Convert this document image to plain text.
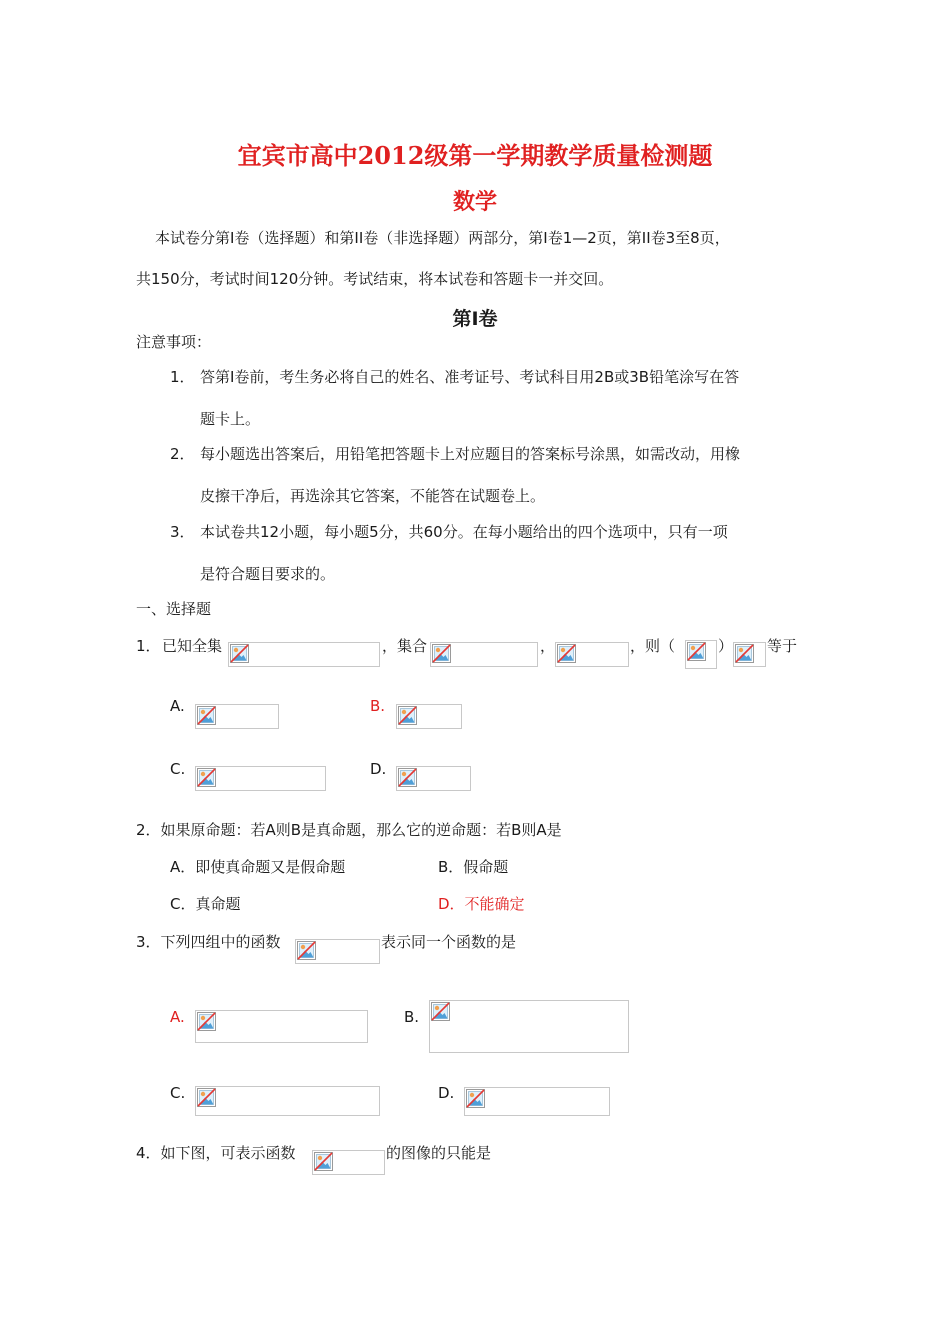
宜宾市高中2012级第一学期教学质量检测题
数学
本试卷分第I卷（选择题）和第II卷（非选择题）两部分，第I卷1—2页，第II卷3至8页，
共150分，考试时间120分钟。考试结束，将本试卷和答题卡一并交回。
第I卷
注意事项：
1． 答第I卷前，考生务必将自己的姓名、准考证号、考试科目用2B或3B铅笔涂写在答
题卡上。
2． 每小题选出答案后，用铅笔把答题卡上对应题目的答案标号涂黑，如需改动，用橡
皮擦干净后，再选涂其它答案，不能答在试题卷上。
3． 本试卷共12小题，每小题5分，共60分。在每小题给出的四个选项中，只有一项
是符合题目要求的。
一、选择题
1． 已知全集	，集合	，	，则（	） 等于
A.	B.
C.	D.
2．如果原命题：若A则B是真命题，那么它的逆命题：若B则A是
A．即使真命题又是假命题	B．假命题
C．真命题	D．不能确定
3．下列四组中的函数	表示同一个函数的是
A.	B.
C.	D.
4．如下图，可表示函数	的图像的只能是
